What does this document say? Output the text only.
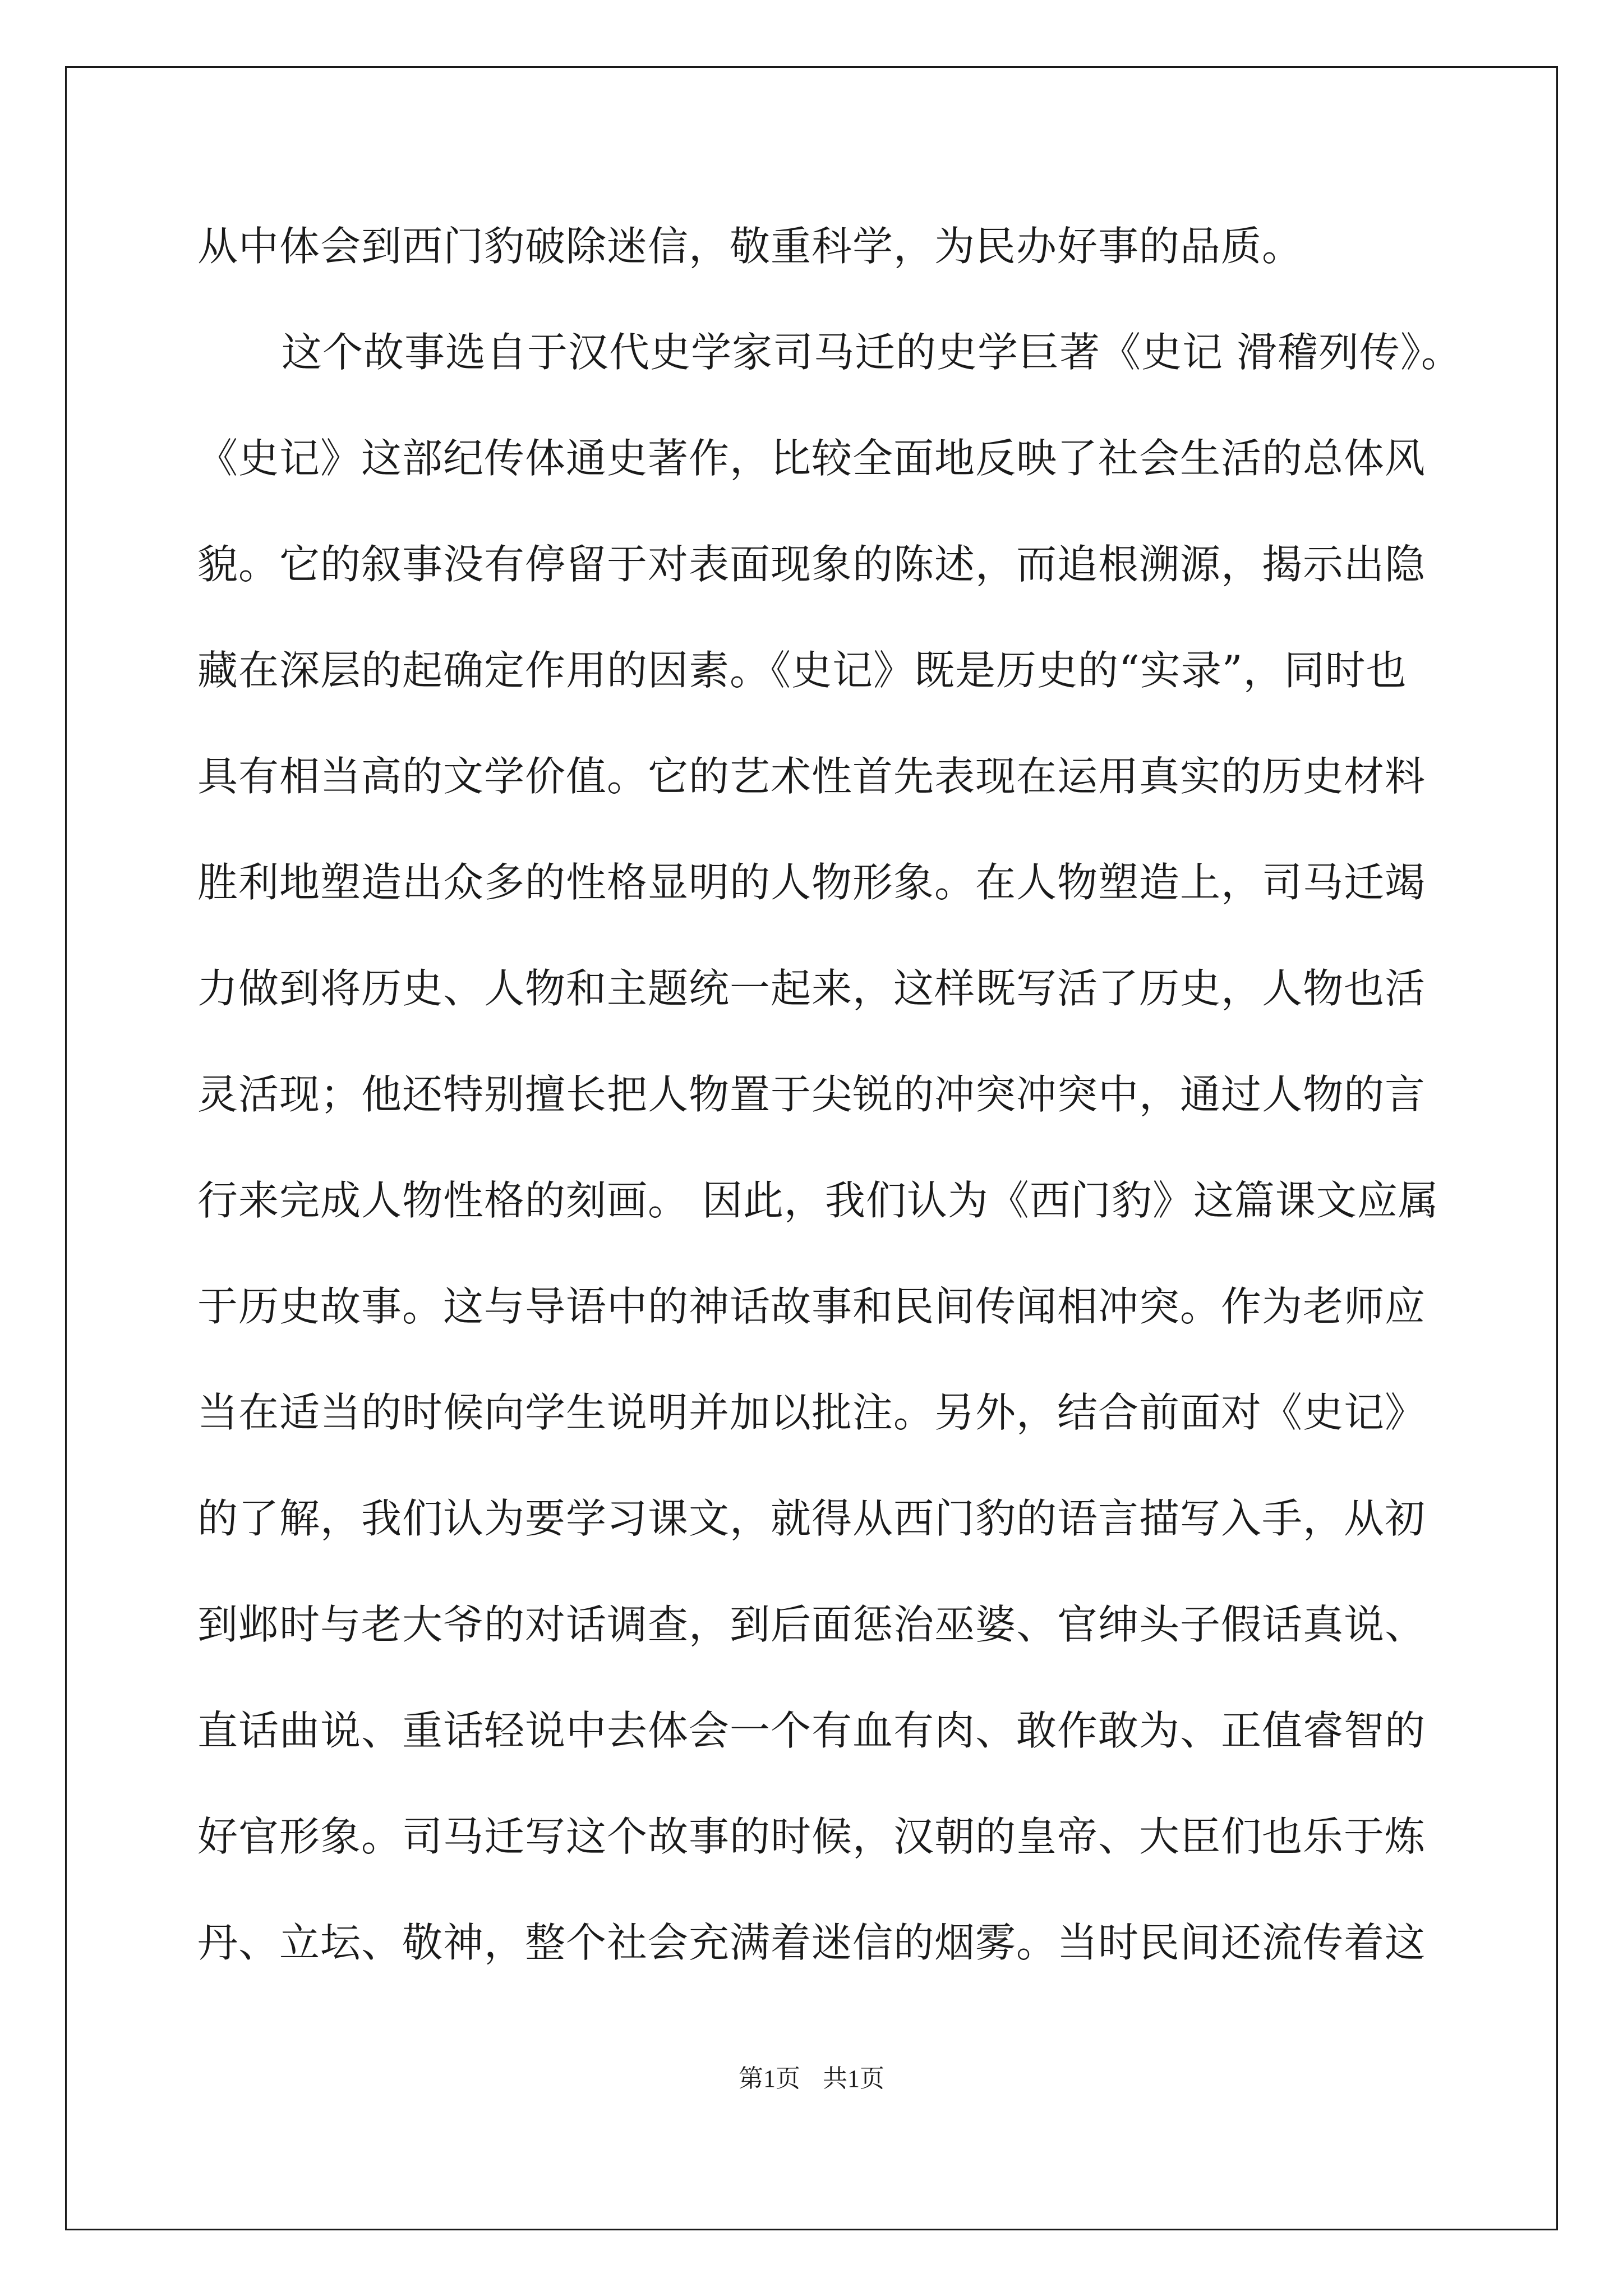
从中体会到西门豹破除迷信，敬重科学，为民办好事的品质。
这个故事选自于汉代史学家司马迁的史学巨著《史记 滑稽列传》。
《史记》这部纪传体通史著作，比较全面地反映了社会生活的总体风
貌。它的叙事没有停留于对表面现象的陈述，而追根溯源，揭示出隐
藏在深层的起确定作用的因素。《史记》既是历史的“实录”，同时也
具有相当高的文学价值。它的艺术性首先表现在运用真实的历史材料
胜利地塑造出众多的性格显明的人物形象。在人物塑造上，司马迁竭
力做到将历史、人物和主题统一起来，这样既写活了历史，人物也活
灵活现；他还特别擅长把人物置于尖锐的冲突冲突中，通过人物的言
行来完成人物性格的刻画。 因此，我们认为《西门豹》这篇课文应属
于历史故事。这与导语中的神话故事和民间传闻相冲突。作为老师应
当在适当的时候向学生说明并加以批注。另外，结合前面对《史记》
的了解，我们认为要学习课文，就得从西门豹的语言描写入手，从初
到邺时与老大爷的对话调查，到后面惩治巫婆、官绅头子假话真说、
直话曲说、重话轻说中去体会一个有血有肉、敢作敢为、正值睿智的
好官形象。司马迁写这个故事的时候，汉朝的皇帝、大臣们也乐于炼
丹、立坛、敬神，整个社会充满着迷信的烟雾。当时民间还流传着这
第1页 共1页
